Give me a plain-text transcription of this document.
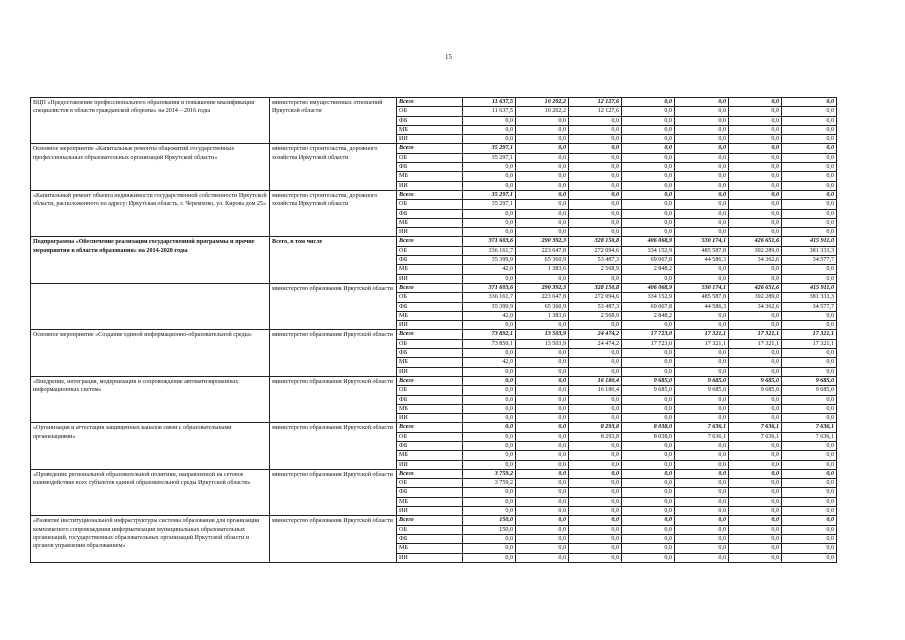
15
ВЦП «Предоставление профессионального образования и повышение квалификации специалистов в области гражданской обороны» на 2014 – 2016 годы	министерство имущественных отношений Иркутской области	Всего	11 637,5	10 202,2	12 127,6	0,0	0,0	0,0	0,0
		ОБ	11 637,5	10 202,2	12 127,6	0,0	0,0	0,0	0,0
		ФБ	0,0	0,0	0,0	0,0	0,0	0,0	0,0
		МБ	0,0	0,0	0,0	0,0	0,0	0,0	0,0
		ИИ	0,0	0,0	0,0	0,0	0,0	0,0	0,0
Основное мероприятие «Капитальные ремонты общежитий государственных профессиональных образовательных организаций Иркутской области»	министерство строительства, дорожного хозяйства Иркутской области	Всего	35 297,1	0,0	0,0	0,0	0,0	0,0	0,0
		ОБ	35 297,1	0,0	0,0	0,0	0,0	0,0	0,0
		ФБ	0,0	0,0	0,0	0,0	0,0	0,0	0,0
		МБ	0,0	0,0	0,0	0,0	0,0	0,0	0,0
		ИИ	0,0	0,0	0,0	0,0	0,0	0,0	0,0
«Капитальный ремонт объекта недвижимости государственной собственности Иркутской области, расположенного по адресу: Иркутская область, г. Черемхово, ул. Кирова дом 25»	министерство строительства, дорожного хозяйства Иркутской области	Всего	35 297,1	0,0	0,0	0,0	0,0	0,0	0,0
		ОБ	35 297,1	0,0	0,0	0,0	0,0	0,0	0,0
		ФБ	0,0	0,0	0,0	0,0	0,0	0,0	0,0
		МБ	0,0	0,0	0,0	0,0	0,0	0,0	0,0
		ИИ	0,0	0,0	0,0	0,0	0,0	0,0	0,0
Подпрограмма «Обеспечение реализации государственной программы и прочие мероприятия в области образования» на 2014-2020 годы	Всего, в том числе	Всего	371 603,6	290 392,3	328 150,8	406 068,9	530 174,1	426 651,6	415 911,0
		ОБ	336 161,7	223 647,8	272 094,6	334 152,9	485 587,8	392 289,0	381 333,3
		ФБ	35 399,9	65 360,9	53 487,3	69 067,8	44 586,3	34 362,6	34 577,7
		МБ	42,0	1 383,6	2 568,9	2 848,2	0,0	0,0	0,0
		ИИ	0,0	0,0	0,0	0,0	0,0	0,0	0,0
	министерство образования Иркутской области	Всего	371 603,6	290 392,3	328 150,8	406 068,9	530 174,1	426 651,6	415 911,0
		ОБ	336 161,7	223 647,8	272 094,6	334 152,9	485 587,8	392 289,0	381 333,3
		ФБ	35 399,9	65 360,9	53 487,3	69 067,8	44 586,3	34 362,6	34 577,7
		МБ	42,0	1 383,6	2 568,9	2 848,2	0,0	0,0	0,0
		ИИ	0,0	0,0	0,0	0,0	0,0	0,0	0,0
Основное мероприятие «Создание единой информационно-образовательной среды»	министерство образования Иркутской области	Всего	73 892,1	13 503,9	24 474,2	17 723,0	17 321,1	17 321,1	17 321,1
		ОБ	73 850,1	13 503,9	24 474,2	17 723,0	17 321,1	17 321,1	17 321,1
		ФБ	0,0	0,0	0,0	0,0	0,0	0,0	0,0
		МБ	42,0	0,0	0,0	0,0	0,0	0,0	0,0
		ИИ	0,0	0,0	0,0	0,0	0,0	0,0	0,0
«Внедрение, интеграция, модернизация и сопровождение автоматизированных информационных систем»	министерство образования Иркутской области	Всего	0,0	0,0	16 180,4	9 685,0	9 685,0	9 685,0	9 685,0
		ОБ	0,0	0,0	16 180,4	9 685,0	9 685,0	9 685,0	9 685,0
		ФБ	0,0	0,0	0,0	0,0	0,0	0,0	0,0
		МБ	0,0	0,0	0,0	0,0	0,0	0,0	0,0
		ИИ	0,0	0,0	0,0	0,0	0,0	0,0	0,0
«Организация и аттестация защищенных каналов связи с образовательными организациями»	министерство образования Иркутской области	Всего	0,0	0,0	8 293,8	8 038,0	7 636,1	7 636,1	7 636,1
		ОБ	0,0	0,0	8 293,8	8 038,0	7 636,1	7 636,1	7 636,1
		ФБ	0,0	0,0	0,0	0,0	0,0	0,0	0,0
		МБ	0,0	0,0	0,0	0,0	0,0	0,0	0,0
		ИИ	0,0	0,0	0,0	0,0	0,0	0,0	0,0
«Проведение региональной образовательной политики, направленной на сетевое взаимодействие всех субъектов единой образовательной среды Иркутской области»	министерство образования Иркутской области	Всего	3 759,2	0,0	0,0	0,0	0,0	0,0	0,0
		ОБ	3 759,2	0,0	0,0	0,0	0,0	0,0	0,0
		ФБ	0,0	0,0	0,0	0,0	0,0	0,0	0,0
		МБ	0,0	0,0	0,0	0,0	0,0	0,0	0,0
		ИИ	0,0	0,0	0,0	0,0	0,0	0,0	0,0
«Развитие институциональной инфраструктуры системы образования для организации комплексного сопровождения информатизации муниципальных образовательных организаций, государственных образовательных организаций Иркутской области и органов управления образованием»	министерство образования Иркутской области	Всего	150,0	0,0	0,0	0,0	0,0	0,0	0,0
		ОБ	150,0	0,0	0,0	0,0	0,0	0,0	0,0
		ФБ	0,0	0,0	0,0	0,0	0,0	0,0	0,0
		МБ	0,0	0,0	0,0	0,0	0,0	0,0	0,0
		ИИ	0,0	0,0	0,0	0,0	0,0	0,0	0,0
